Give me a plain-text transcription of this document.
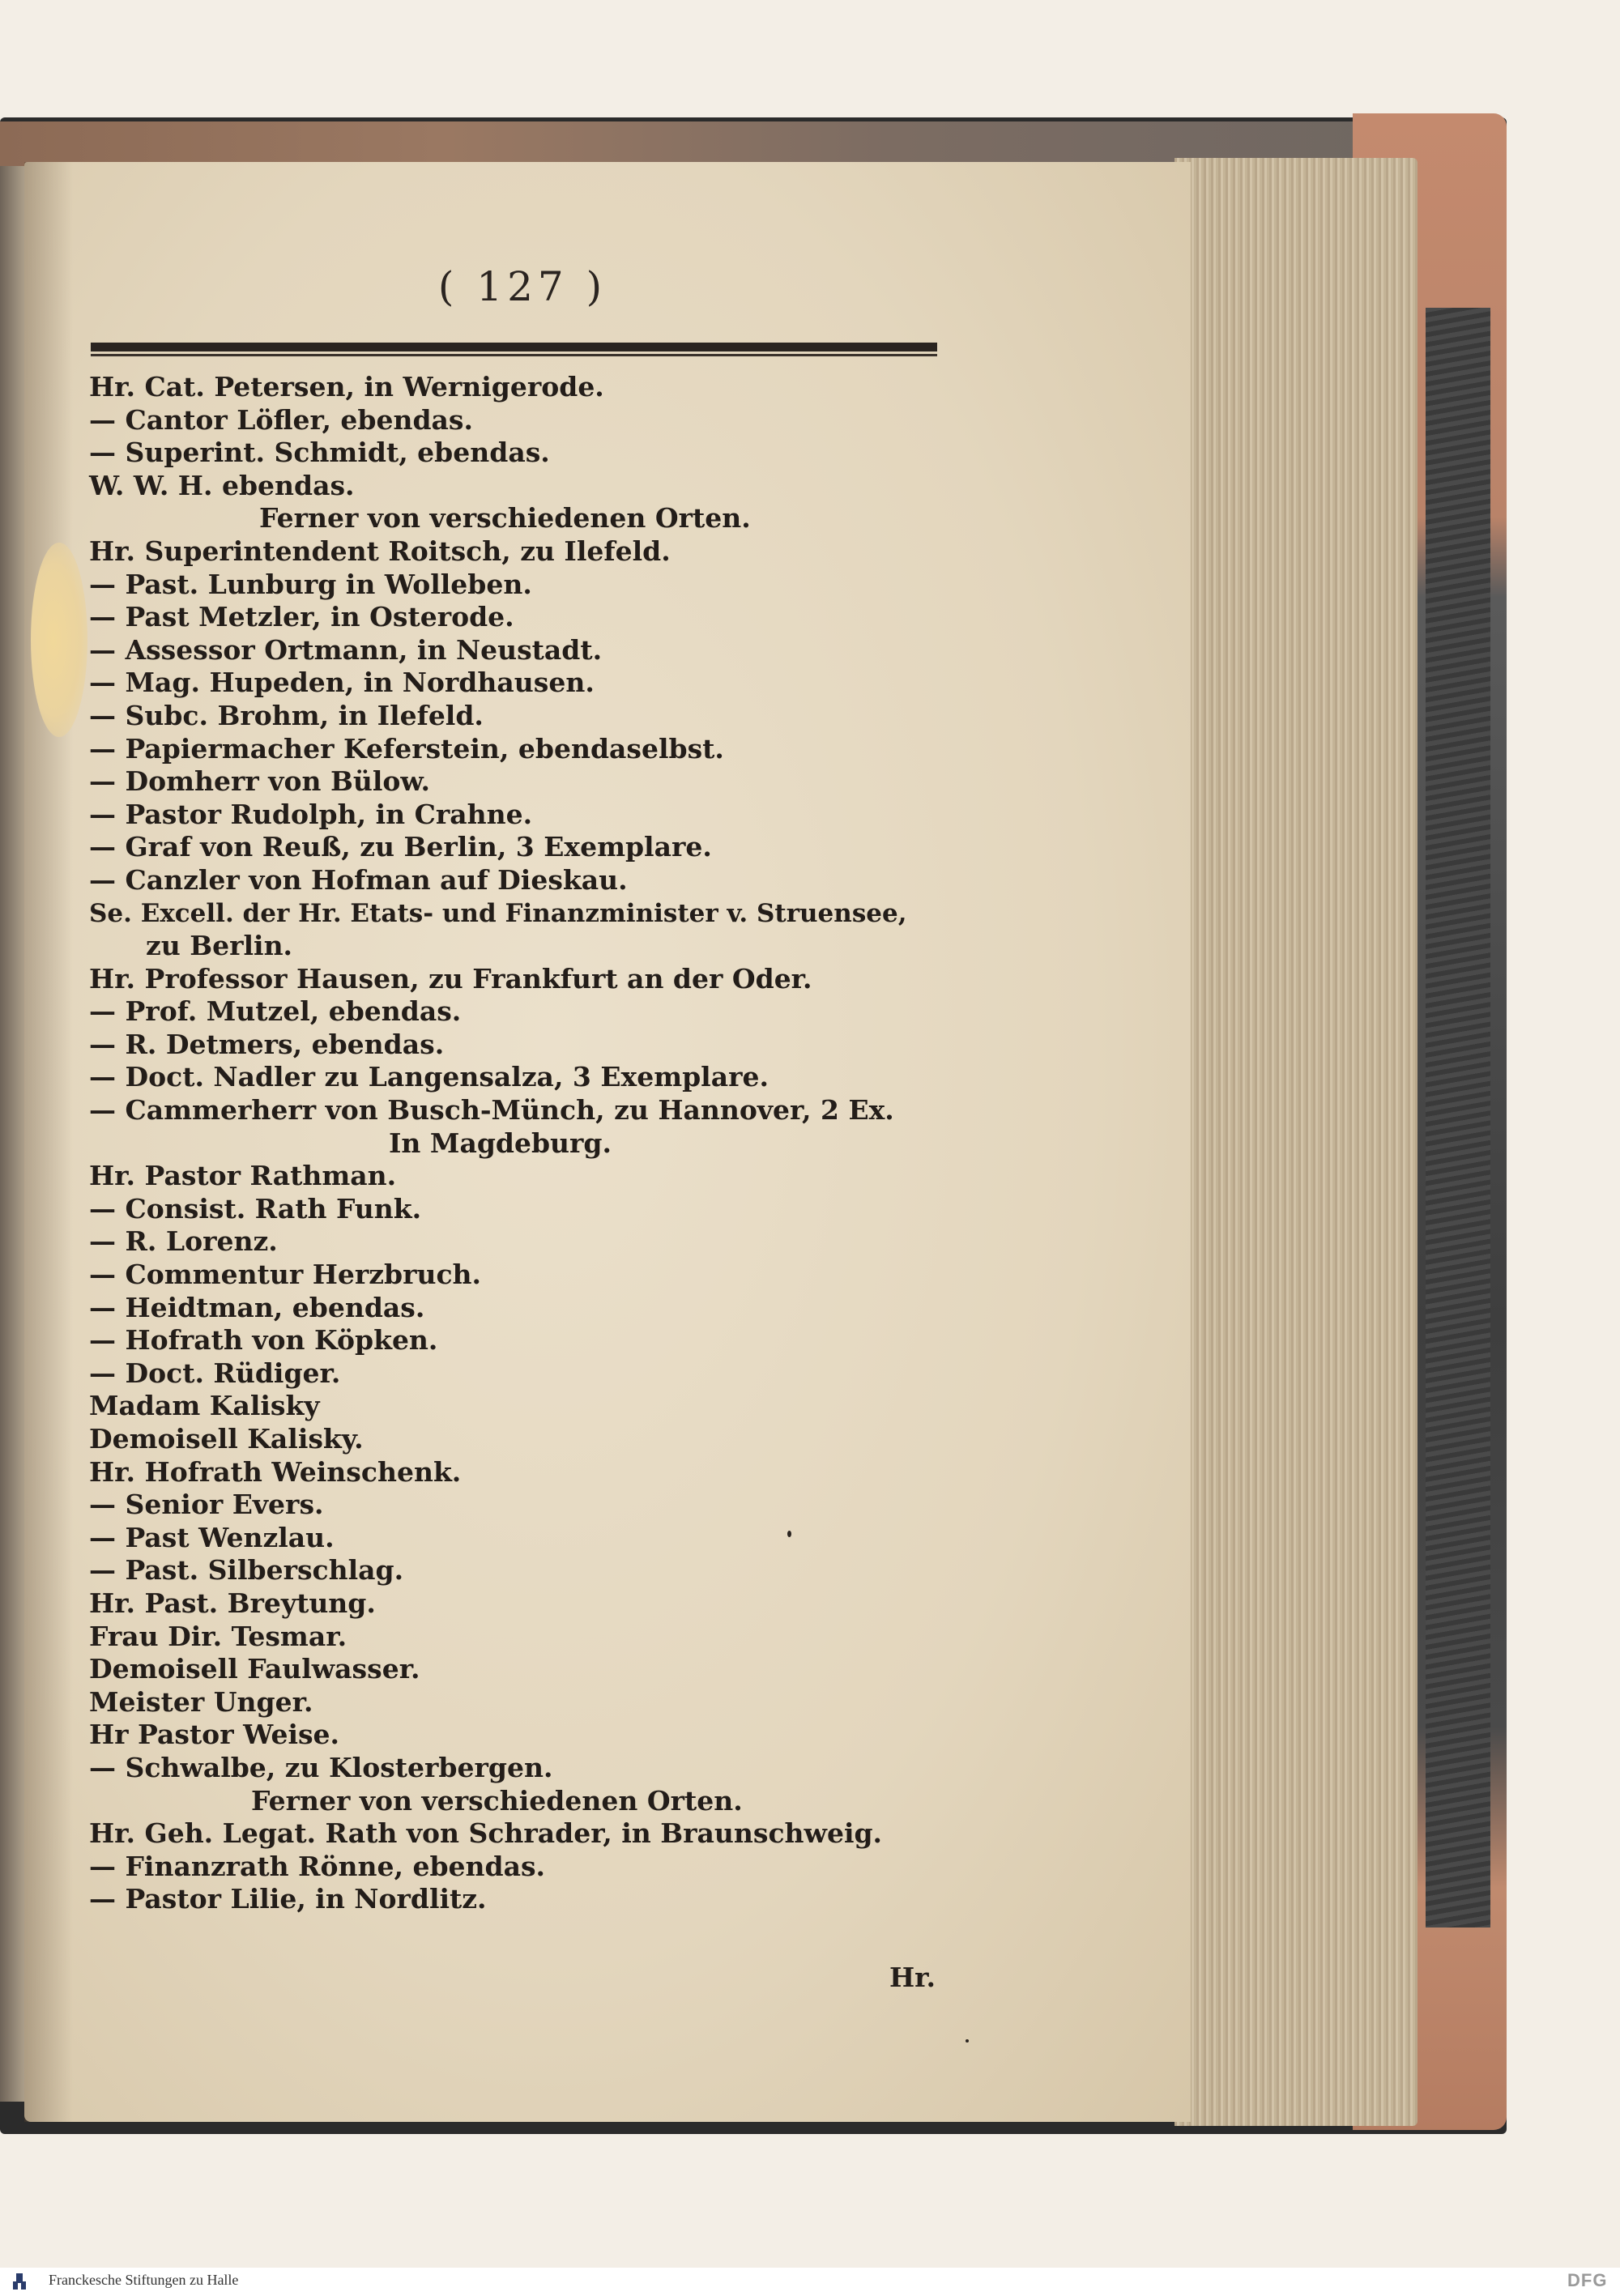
( 127 )
Hr. Cat. Petersen, in Wernigerode.
— Cantor Löfler, ebendas.
— Superint. Schmidt, ebendas.
W. W. H. ebendas.
Ferner von verschiedenen Orten.
Hr. Superintendent Roitsch, zu Ilefeld.
— Past. Lunburg in Wolleben.
— Past Metzler, in Osterode.
— Assessor Ortmann, in Neustadt.
— Mag. Hupeden, in Nordhausen.
— Subc. Brohm, in Ilefeld.
— Papiermacher Keferstein, ebendaselbst.
— Domherr von Bülow.
— Pastor Rudolph, in Crahne.
— Graf von Reuß, zu Berlin, 3 Exemplare.
— Canzler von Hofman auf Dieskau.
Se. Excell. der Hr. Etats- und Finanzminister v. Struensee,
zu Berlin.
Hr. Professor Hausen, zu Frankfurt an der Oder.
— Prof. Mutzel, ebendas.
— R. Detmers, ebendas.
— Doct. Nadler zu Langensalza, 3 Exemplare.
— Cammerherr von Busch-Münch, zu Hannover, 2 Ex.
In Magdeburg.
Hr. Pastor Rathman.
— Consist. Rath Funk.
— R. Lorenz.
— Commentur Herzbruch.
— Heidtman, ebendas.
— Hofrath von Köpken.
— Doct. Rüdiger.
Madam Kalisky
Demoisell Kalisky.
Hr. Hofrath Weinschenk.
— Senior Evers.
— Past Wenzlau.
— Past. Silberschlag.
Hr. Past. Breytung.
Frau Dir. Tesmar.
Demoisell Faulwasser.
Meister Unger.
Hr Pastor Weise.
— Schwalbe, zu Klosterbergen.
Ferner von verschiedenen Orten.
Hr. Geh. Legat. Rath von Schrader, in Braunschweig.
— Finanzrath Rönne, ebendas.
— Pastor Lilie, in Nordlitz.
Hr.
Franckesche Stiftungen zu Halle	DFG
